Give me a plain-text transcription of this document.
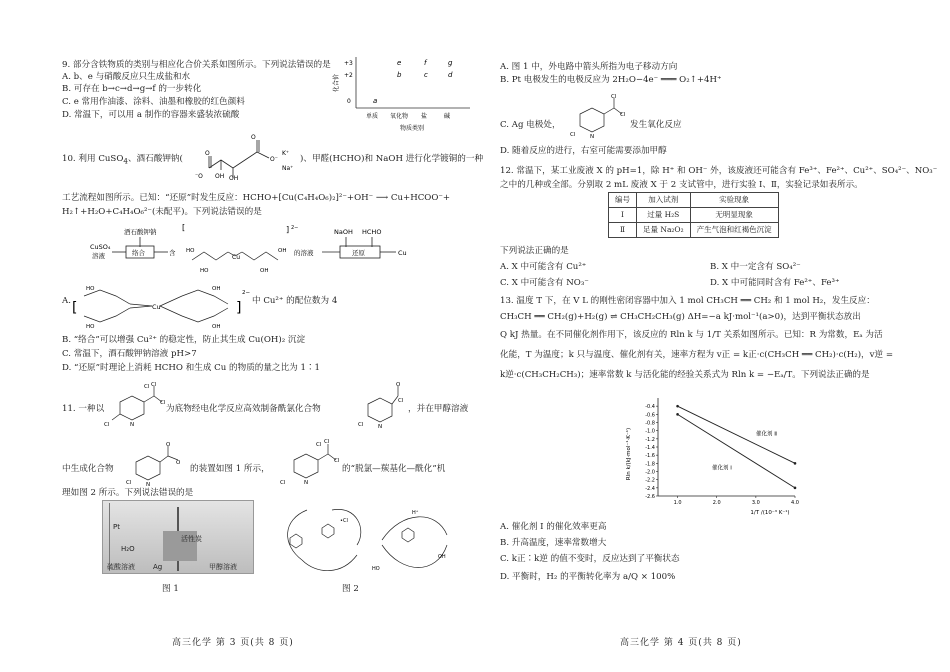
9. 部分含铁物质的类别与相应化合价关系如图所示。下列说法错误的是
A. b、e 与硝酸反应只生成盐和水
B. 可存在 b→c→d→g→f 的一步转化
C. e 常用作油漆、涂料、油墨和橡胶的红色颜料
D. 常温下，可以用 a 制作的容器来盛装浓硫酸
化合价
+3
+2
0
单质 氧化物 盐	碱
物质类别
a
b
e
c
f
d
g
10. 利用 CuSO$_4$、酒石酸钾钠(
O
O
O⁻
⁻O OH OH
K⁺
Na⁺
)、甲醛(HCHO)和 NaOH 进行化学镀铜的一种
工艺流程如图所示。已知：“还原”时发生反应：HCHO+[Cu(C₄H₄O₆)₂]²⁻+OH⁻ ⟶ Cu+HCOO⁻+
H₂↑+H₂O+C₄H₄O₆²⁻(未配平)。下列说法错误的是
酒石酸钾钠
CuSO₄
溶液	络合	含
[
Cu
HO	OH
HO	OH
] 2−
的溶液
NaOH HCHO
还原	Cu
A. [	Cu
HO
HO
OH
OH
]
2−
中 Cu²⁺ 的配位数为 4
B. “络合”可以增强 Cu²⁺ 的稳定性，防止其生成 Cu(OH)₂ 沉淀
C. 常温下，酒石酸钾钠溶液 pH>7
D. “还原”时理论上消耗 HCHO 和生成 Cu 的物质的量之比为 1∶1
11. 一种以
Cl
Cl
Cl
N
Cl
为底物经电化学反应高效制备酰氯化合物
O
Cl
N
Cl
，并在甲醇溶液
中生成化合物
O
O
N
Cl
的装置如图 1 所示，
Cl
Cl
Cl
N
Cl
的“脱氯—羰基化—酰化”机
理如图 2 所示。下列说法错误的是
Pt
H₂O
硫酸溶液	Ag
活性炭
甲醇溶液
图 1
•Cl
H⁺
OH
HO
图 2
高三化学 第 3 页(共 8 页)
A. 图 1 中，外电路中箭头所指为电子移动方向
B. Pt 电极发生的电极反应为 2H₂O−4e⁻ ═══ O₂↑+4H⁺
C. Ag 电极处，
Cl
Cl
N
Cl
发生氧化反应
D. 随着反应的进行，右室可能需要添加甲醇
12. 常温下，某工业废液 X 的 pH=1，除 H⁺ 和 OH⁻ 外，该废液还可能含有 Fe³⁺、Fe²⁺、Cu²⁺、SO₄²⁻、NO₃⁻
之中的几种或全部。分别取 2 mL 废液 X 于 2 支试管中，进行实验 Ⅰ、Ⅱ，实验记录如表所示。
编号	加入试剂	实验现象
Ⅰ	过量 H₂S	无明显现象
Ⅱ	足量 Na₂O₂	产生气泡和红褐色沉淀
下列说法正确的是
A. X 中可能含有 Cu²⁺	B. X 中一定含有 SO₄²⁻
C. X 中可能含有 NO₃⁻	D. X 中可能同时含有 Fe²⁺、Fe³⁺
13. 温度 T 下，在 V L 的刚性密闭容器中加入 1 mol CH₃CH ══ CH₂ 和 1 mol H₂，发生反应：
CH₃CH ══ CH₂(g)+H₂(g) ⇌ CH₃CH₂CH₃(g) ΔH=−a kJ·mol⁻¹(a>0)，达到平衡状态放出
Q kJ 热量。在不同催化剂作用下，该反应的 Rln k 与 1/T 关系如图所示。已知：R 为常数，Eₐ 为活
化能，T 为温度；k 只与温度、催化剂有关，速率方程为 v正 = k正·c(CH₃CH ══ CH₂)·c(H₂)，v逆 =
k逆·c(CH₃CH₂CH₃)；速率常数 k 与活化能的经验关系式为 Rln k = −Eₐ/T。下列说法正确的是
Rln k/(kJ·mol⁻¹·K⁻¹)
1/T /(10⁻³ K⁻¹)
-0.4
-0.6
-0.8
-1.0
-1.2
-1.4
-1.6
-1.8
-2.0
-2.2
-2.4
-2.6
1.0	2.0	3.0	4.0
催化剂 Ⅱ
催化剂 Ⅰ
A. 催化剂 Ⅰ 的催化效率更高
B. 升高温度，速率常数增大
C. k正∶k逆 的值不变时，反应达到了平衡状态
D. 平衡时，H₂ 的平衡转化率为 a/Q × 100%
高三化学 第 4 页(共 8 页)
